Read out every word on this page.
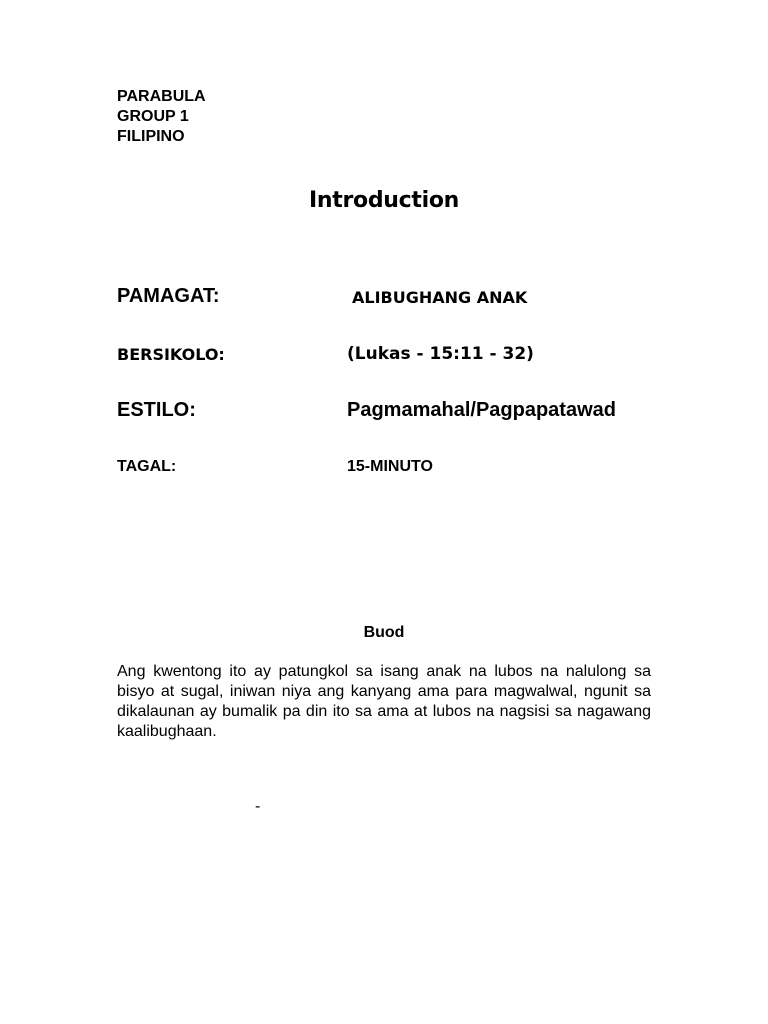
PARABULA
GROUP 1
FILIPINO
Introduction
PAMAGAT:	ALIBUGHANG ANAK
BERSIKOLO:	(Lukas - 15:11 - 32)
ESTILO:	Pagmamahal/Pagpapatawad
TAGAL:	15-MINUTO
Buod

Ang kwentong ito ay patungkol sa isang anak na lubos na nalulong sa bisyo at sugal, iniwan niya ang kanyang ama para magwalwal, ngunit sa dikalaunan ay bumalik pa din ito sa ama at lubos na nagsisi sa nagawang kaalibughaan.

-
